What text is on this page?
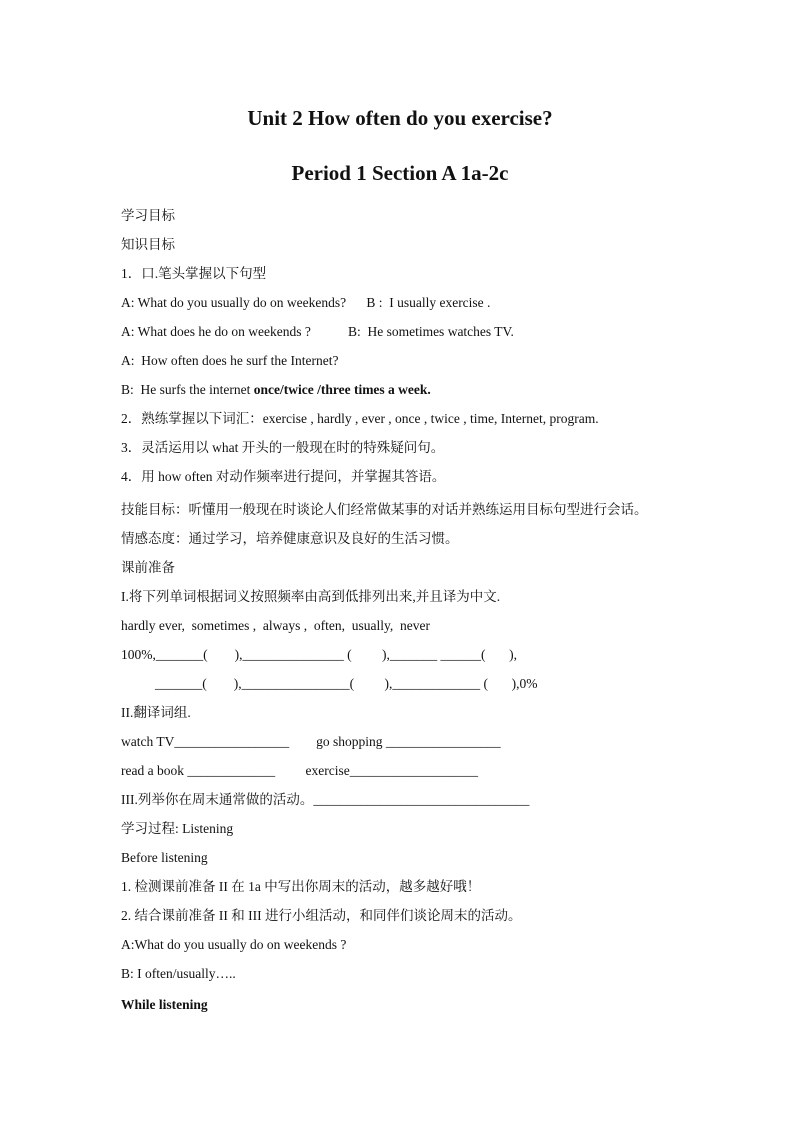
Unit 2 How often do you exercise?
Period 1 Section A 1a-2c
学习目标
知识目标
1．口.笔头掌握以下句型
A: What do you usually do on weekends?      B :  I usually exercise .
A: What does he do on weekends ?           B:  He sometimes watches TV.
A:  How often does he surf the Internet?
B:  He surfs the internet once/twice /three times a week.
2．熟练掌握以下词汇：exercise , hardly , ever , once , twice , time, Internet, program.
3．灵活运用以 what 开头的一般现在时的特殊疑问句。
4．用 how often 对动作频率进行提问，并掌握其答语。
技能目标：听懂用一般现在时谈论人们经常做某事的对话并熟练运用目标句型进行会话。
情感态度：通过学习，培养健康意识及良好的生活习惯。
课前准备
I.将下列单词根据词义按照频率由高到低排列出来,并且译为中文.
hardly ever,  sometimes ,  always ,  often,  usually,  never
100%,_______(        ),_______________ (         ),_______ ______(       ),
_______(        ),________________(         ),_____________ (       ),0%
II.翻译词组.
watch TV_________________        go shopping _________________
read a book _____________         exercise___________________
III.列举你在周末通常做的活动。________________________________
学习过程: Listening
Before listening
1. 检测课前准备 II 在 1a 中写出你周末的活动，越多越好哦！
2. 结合课前准备 II 和 III 进行小组活动，和同伴们谈论周末的活动。
A:What do you usually do on weekends ?
B: I often/usually…..
While listening
